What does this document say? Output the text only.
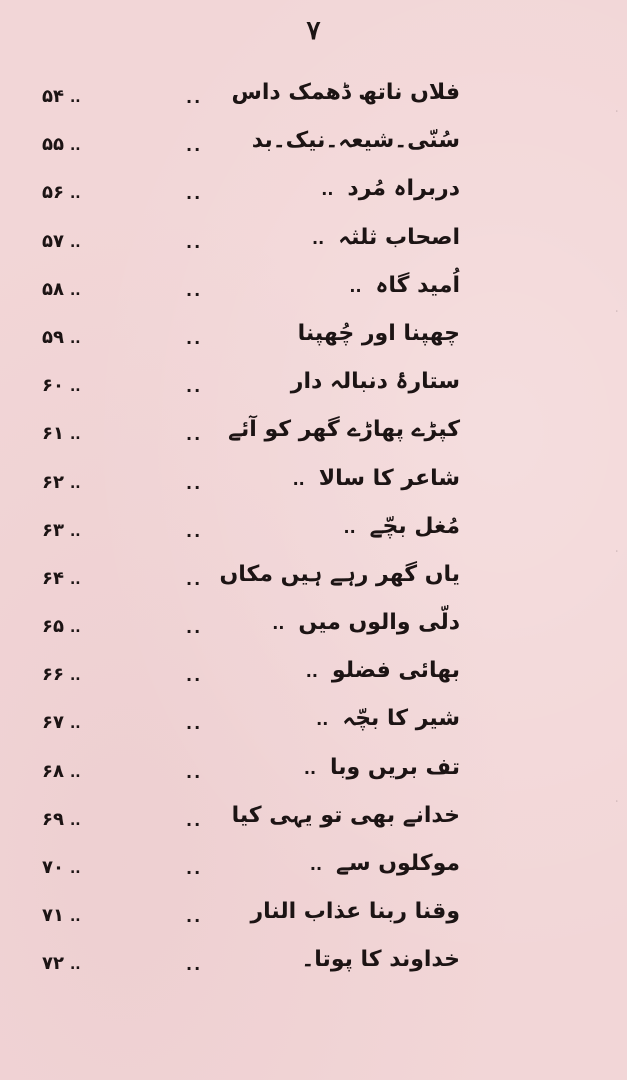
.
.
.
.
۷
فلاں ناتھ ڈھمک داس
..
۵۴ ..
سُنّی۔شیعہ۔نیک۔بد
..
۵۵ ..
دربراہ مُرد..
..
۵۶ ..
اصحاب ثلثہ..
..
۵۷ ..
اُمید گاہ..
..
۵۸ ..
چھپنا اور چُھپنا
..
۵۹ ..
ستارۂ دنبالہ دار
..
۶۰ ..
کپڑے پھاڑے گھر کو آئے
..
۶۱ ..
شاعر کا سالا..
..
۶۲ ..
مُغل بچّے..
..
۶۳ ..
یاں گھر رہے ہیں مکاں
..
۶۴ ..
دلّی والوں میں..
..
۶۵ ..
بھائی فضلو..
..
۶۶ ..
شیر کا بچّہ..
..
۶۷ ..
تف بریں وبا..
..
۶۸ ..
خدانے بھی تو یہی کیا
..
۶۹ ..
موکلوں سے..
..
۷۰ ..
وقنا ربنا عذاب النار
..
۷۱ ..
خداوند کا پوتا۔
..
۷۲ ..
